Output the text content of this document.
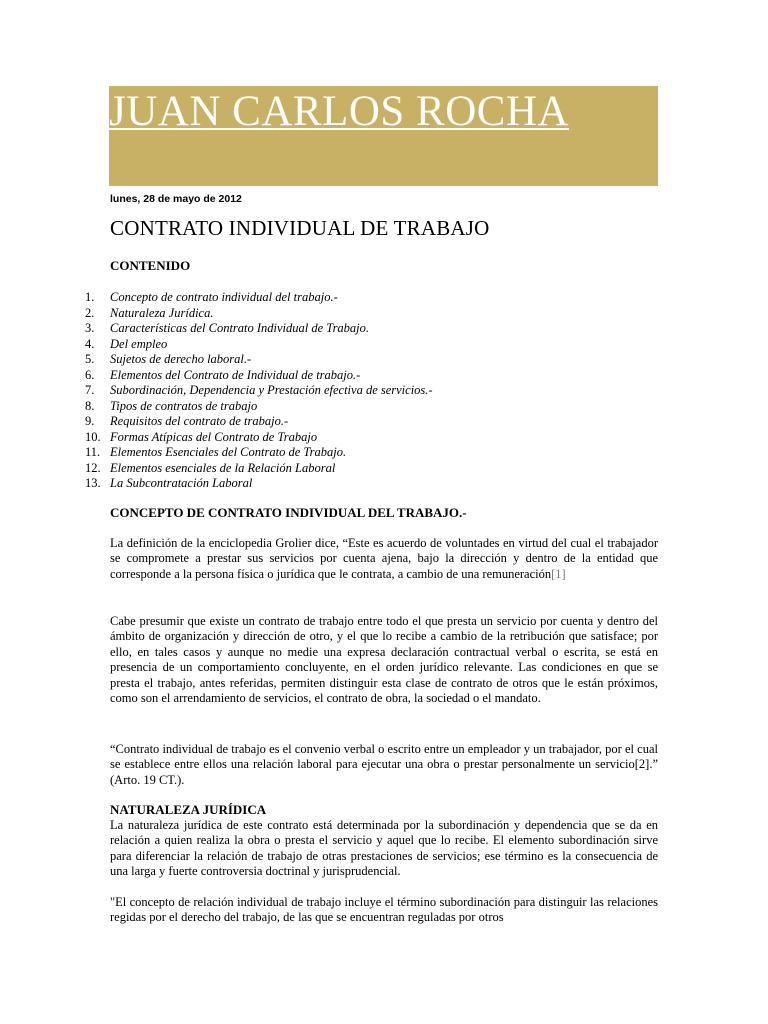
JUAN CARLOS ROCHA
lunes, 28 de mayo de 2012
CONTRATO INDIVIDUAL DE TRABAJO
CONTENIDO
1 . Concepto de contrato individual del trabajo.-
2 . Naturaleza Jurídica.
3 . Características del Contrato Individual de Trabajo.
4 . Del empleo
5 . Sujetos de derecho laboral.-
6 . Elementos del Contrato de Individual de trabajo.-
7 . Subordinación, Dependencia y Prestación efectiva de servicios.-
8 . Tipos de contratos de trabajo
9 . Requisitos del contrato de trabajo.-
10 . Formas Atípicas del Contrato de Trabajo
11 . Elementos Esenciales del Contrato de Trabajo.
12 . Elementos esenciales de la Relación Laboral
13 . La Subcontratación Laboral
CONCEPTO DE CONTRATO INDIVIDUAL DEL TRABAJO.-

La definición de la enciclopedia Grolier dice, “Este es acuerdo de voluntades en virtud del cual el trabajador se compromete a prestar sus servicios por cuenta ajena, bajo la dirección y dentro de la entidad que corresponde a la persona física o jurídica que le contrata, a cambio de una remuneración[1]

Cabe presumir que existe un contrato de trabajo entre todo el que presta un servicio por cuenta y dentro del ámbito de organización y dirección de otro, y el que lo recibe a cambio de la retribución que satisface; por ello, en tales casos y aunque no medie una expresa declaración contractual verbal o escrita, se está en presencia de un comportamiento concluyente, en el orden jurídico relevante. Las condiciones en que se presta el trabajo, antes referidas, permiten distinguir esta clase de contrato de otros que le están próximos, como son el arrendamiento de servicios, el contrato de obra, la sociedad o el mandato.

“Contrato individual de trabajo es el convenio verbal o escrito entre un empleador y un trabajador, por el cual se establece entre ellos una relación laboral para ejecutar una obra o prestar personalmente un servicio[2].” (Arto. 19 CT.).

NATURALEZA JURÍDICA

La naturaleza jurídica de este contrato está determinada por la subordinación y dependencia que se da en relación a quien realiza la obra o presta el servicio y aquel que lo recibe. El elemento subordinación sirve para diferenciar la relación de trabajo de otras prestaciones de servicios; ese término es la consecuencia de una larga y fuerte controversia doctrinal y jurisprudencial.

"El concepto de relación individual de trabajo incluye el término subordinación para distinguir las relaciones regidas por el derecho del trabajo, de las que se encuentran reguladas por otros
